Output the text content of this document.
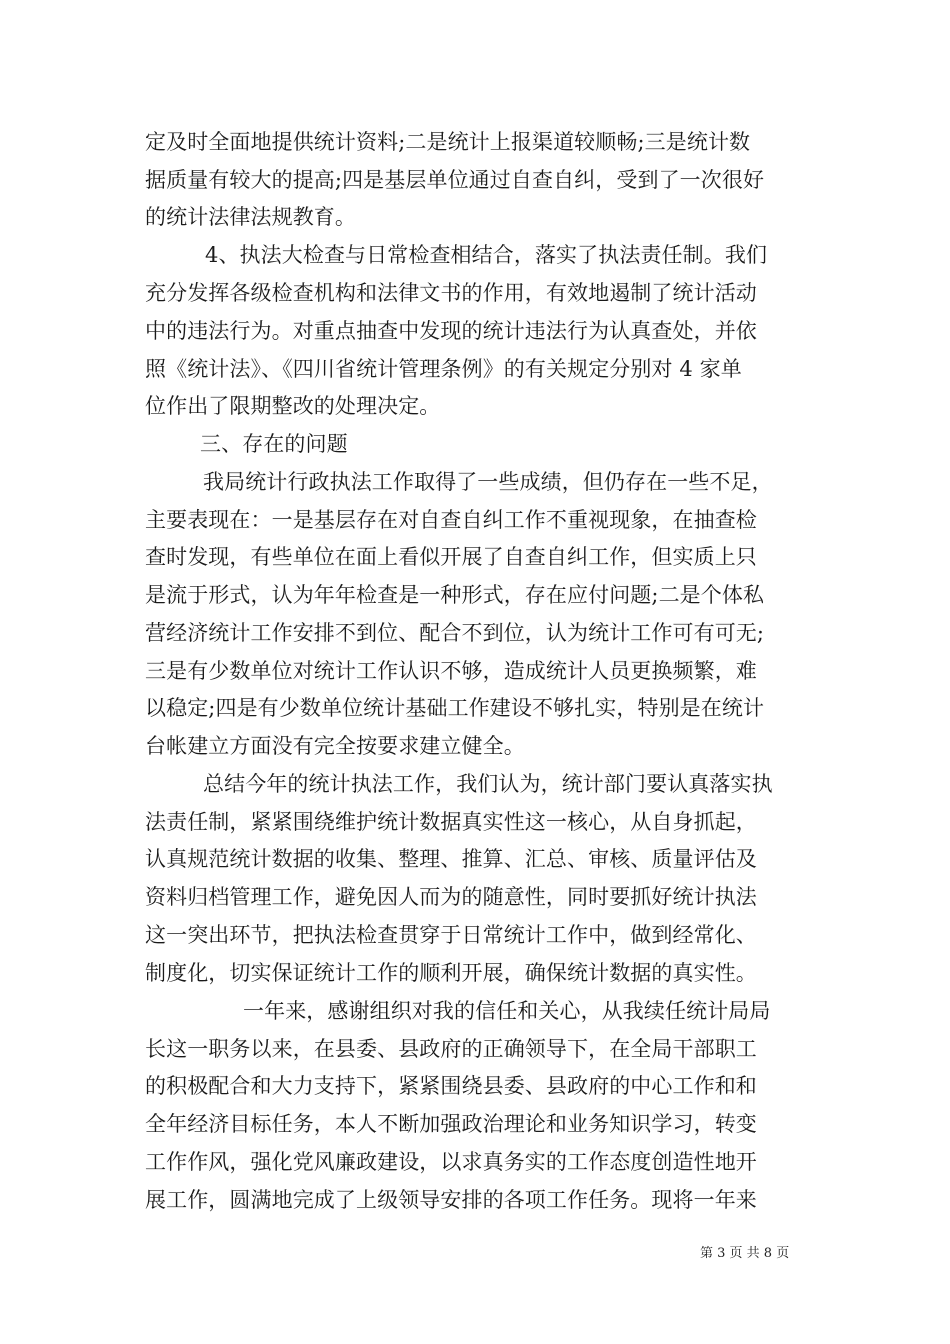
定及时全面地提供统计资料;二是统计上报渠道较顺畅;三是统计数
据质量有较大的提高;四是基层单位通过自查自纠，受到了一次很好
的统计法律法规教育。
4、执法大检查与日常检查相结合，落实了执法责任制。我们
充分发挥各级检查机构和法律文书的作用，有效地遏制了统计活动
中的违法行为。对重点抽查中发现的统计违法行为认真查处，并依
照《统计法》、《四川省统计管理条例》的有关规定分别对 4 家单
位作出了限期整改的处理决定。
三、存在的问题
我局统计行政执法工作取得了一些成绩，但仍存在一些不足，
主要表现在：一是基层存在对自查自纠工作不重视现象，在抽查检
查时发现，有些单位在面上看似开展了自查自纠工作，但实质上只
是流于形式，认为年年检查是一种形式，存在应付问题;二是个体私
营经济统计工作安排不到位、配合不到位，认为统计工作可有可无;
三是有少数单位对统计工作认识不够，造成统计人员更换频繁，难
以稳定;四是有少数单位统计基础工作建设不够扎实，特别是在统计
台帐建立方面没有完全按要求建立健全。
总结今年的统计执法工作，我们认为，统计部门要认真落实执
法责任制，紧紧围绕维护统计数据真实性这一核心，从自身抓起，
认真规范统计数据的收集、整理、推算、汇总、审核、质量评估及
资料归档管理工作，避免因人而为的随意性，同时要抓好统计执法
这一突出环节，把执法检查贯穿于日常统计工作中，做到经常化、
制度化，切实保证统计工作的顺利开展，确保统计数据的真实性。
一年来，感谢组织对我的信任和关心，从我续任统计局局
长这一职务以来，在县委、县政府的正确领导下，在全局干部职工
的积极配合和大力支持下，紧紧围绕县委、县政府的中心工作和和
全年经济目标任务，本人不断加强政治理论和业务知识学习，转变
工作作风，强化党风廉政建设，以求真务实的工作态度创造性地开
展工作，圆满地完成了上级领导安排的各项工作任务。现将一年来
第 3 页 共 8 页
